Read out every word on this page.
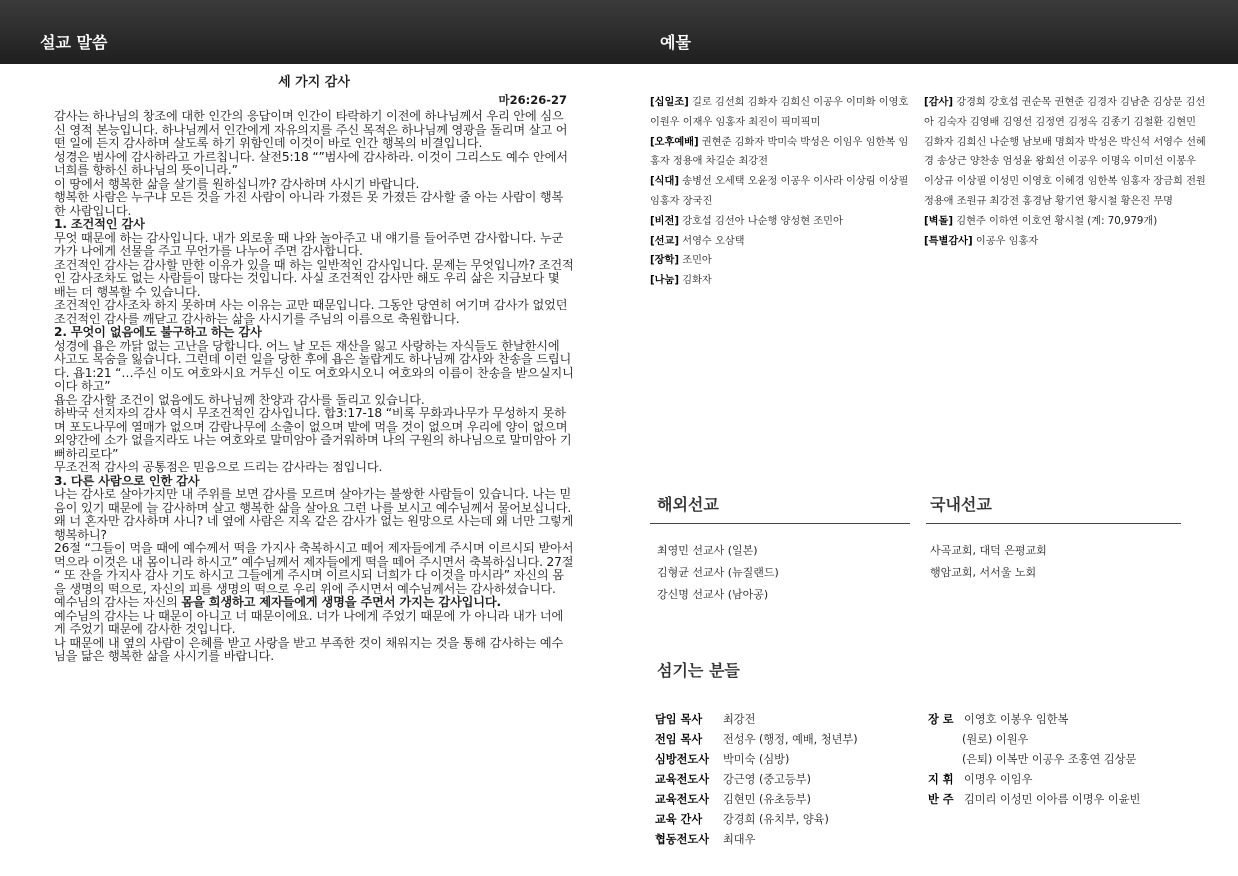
설교 말씀	예물
세 가지 감사
마26:26-27
감사는 하나님의 창조에 대한 인간의 응답이며 인간이 타락하기 이전에 하나님께서 우리 안에 심으신 영적 본능입니다. 하나님께서 인간에게 자유의지를 주신 목적은 하나님께 영광을 돌리며 살고 어떤 일에 든지 감사하며 살도록 하기 위함인데 이것이 바로 인간 행복의 비결입니다.
성경은 범사에 감사하라고 가르칩니다. 살전5:18 “”범사에 감사하라. 이것이 그리스도 예수 안에서 너희를 향하신 하나님의 뜻이니라.”
이 땅에서 행복한 삶을 살기를 원하십니까? 감사하며 사시기 바랍니다.
행복한 사람은 누구냐 모든 것을 가진 사람이 아니라 가졌든 못 가졌든 감사할 줄 아는 사람이 행복한 사람입니다.
1. 조건적인 감사
무엇 때문에 하는 감사입니다. 내가 외로울 때 나와 놀아주고 내 얘기를 들어주면 감사합니다. 누군가가 나에게 선물을 주고 무언가를 나누어 주면 감사합니다.
조건적인 감사는 감사할 만한 이유가 있을 때 하는 일반적인 감사입니다. 문제는 무엇입니까? 조건적인 감사조차도 없는 사람들이 많다는 것입니다. 사실 조건적인 감사만 해도 우리 삶은 지금보다 몇 배는 더 행복할 수 있습니다.
조건적인 감사조차 하지 못하며 사는 이유는 교만 때문입니다. 그동안 당연히 여기며 감사가 없었던 조건적인 감사를 깨닫고 감사하는 삶을 사시기를 주님의 이름으로 축원합니다.
2. 무엇이 없음에도 불구하고 하는 감사
성경에 욥은 까닭 없는 고난을 당합니다. 어느 날 모든 재산을 잃고 사랑하는 자식들도 한날한시에 사고도 목숨을 잃습니다. 그런데 이런 일을 당한 후에 욥은 놀랍게도 하나님께 감사와 찬송을 드립니다. 욥1:21 “…주신 이도 여호와시요 거두신 이도 여호와시오니 여호와의 이름이 찬송을 받으실지니이다 하고”
욥은 감사할 조건이 없음에도 하나님께 찬양과 감사를 돌리고 있습니다.
하박국 선지자의 감사 역시 무조건적인 감사입니다. 합3:17-18 “비록 무화과나무가 무성하지 못하며 포도나무에 열매가 없으며 감람나무에 소출이 없으며 밭에 먹을 것이 없으며 우리에 양이 없으며 외양간에 소가 없을지라도 나는 여호와로 말미암아 즐거워하며 나의 구원의 하나님으로 말미암아 기뻐하리로다”
무조건적 감사의 공통점은 믿음으로 드리는 감사라는 점입니다.
3. 다른 사람으로 인한 감사
나는 감사로 살아가지만 내 주위를 보면 감사를 모르며 살아가는 불쌍한 사람들이 있습니다. 나는 믿음이 있기 때문에 늘 감사하며 살고 행복한 삶을 살아요 그런 나를 보시고 예수님께서 물어보십니다. 왜 너 혼자만 감사하며 사니? 네 옆에 사람은 지옥 같은 감사가 없는 원망으로 사는데 왜 너만 그렇게 행복하니?
26절 “그들이 먹을 때에 예수께서 떡을 가지사 축복하시고 떼어 제자들에게 주시며 이르시되 받아서 먹으라 이것은 내 몸이니라 하시고” 예수님께서 제자들에게 떡을 떼어 주시면서 축복하십니다. 27절 “ 또 잔을 가지사 감사 기도 하시고 그들에게 주시며 이르시되 너희가 다 이것을 마시라” 자신의 몸을 생명의 떡으로, 자신의 피를 생명의 떡으로 우리 위에 주시면서 예수님께서는 감사하셨습니다.
예수님의 감사는 자신의 몸을 희생하고 제자들에게 생명을 주면서 가지는 감사입니다.
예수님의 감사는 나 때문이 아니고 너 때문이에요. 너가 나에게 주었기 때문에 가 아니라 내가 너에게 주었기 때문에 감사한 것입니다.
나 때문에 내 옆의 사람이 은혜를 받고 사랑을 받고 부족한 것이 채워지는 것을 통해 감사하는 예수님을 닮은 행복한 삶을 사시기를 바랍니다.
[십일조] 길로 김선희 김화자 김희신 이공우 이미화 이영호 이원우 이재우 임홍자 최진이 픽미픽미
[오후예배] 권현준 김화자 박미숙 박성은 이임우 임한복 임홍자 정용애 차길순 최강전
[식대] 송병선 오세택 오윤정 이공우 이사라 이상림 이상필 임홍자 장국진
[비전] 강호섭 김선아 나순행 양성현 조민아
[선교] 서영수 오삼택
[장학] 조민아
[나눔] 김화자
[감사] 강경희 강호섭 권순목 권현준 김경자 김남춘 김상문 김선아 김숙자 김영배 김영선 김정연 김정옥 김종기 김철환 김현민 김화자 김희신 나순행 남보배 명희자 박성은 박신석 서영수 선혜경 송상근 양찬송 엄성윤 왕희선 이공우 이명옥 이미선 이봉우 이상규 이상필 이성민 이영호 이혜경 임한복 임홍자 장금희 전원 정용애 조원규 최강전 홍경남 황기연 황시철 황은진 무명
[벽돌] 김현주 이하연 이호연 황시철 (계: 70,979개)
[특별감사] 이공우 임홍자
해외선교
최영민 선교사 (일본)
김형균 선교사 (뉴질랜드)
강신명 선교사 (남아공)
국내선교
사곡교회, 대덕 은평교회
행암교회, 서서울 노회
섬기는 분들
담임 목사 최강전
전임 목사 전성우 (행정, 예배, 청년부)
심방전도사 박미숙 (심방)
교육전도사 강근영 (중고등부)
교육전도사 김현민 (유초등부)
교육 간사 강경희 (유치부, 양육)
협동전도사 최대우
장 로 이영호 이봉우 임한복
(원로) 이원우
(은퇴) 이복만 이공우 조홍연 김상문
지 휘 이명우 이임우
반 주 김미리 이성민 이아름 이명우 이윤빈
